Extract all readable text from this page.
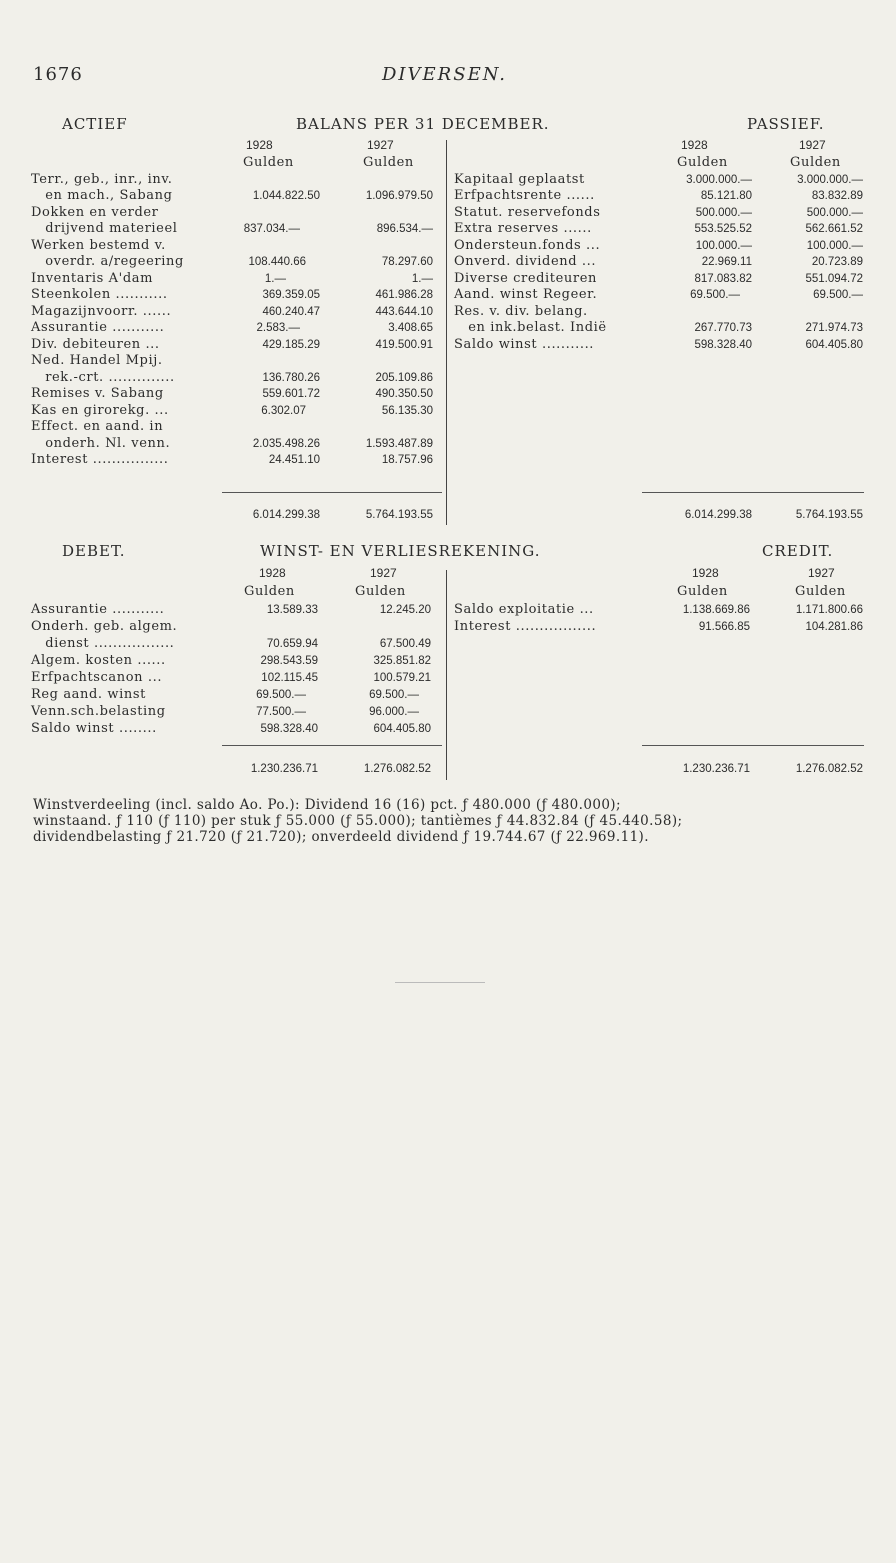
1676	DIVERSEN.
ACTIEF	BALANS PER 31 DECEMBER.	PASSIEF.
1928	1927
Gulden	Gulden
1928	1927
Gulden	Gulden
Terr., geb., inr., inv.
en mach., Sabang	1.044.822.50	1.096.979.50
Dokken en verder
drijvend materieel	837.034.—	896.534.—
Werken bestemd v.
overdr. a/regeering	108.440.66	78.297.60
Inventaris A'dam	1.—	1.—
Steenkolen ...........	369.359.05	461.986.28
Magazijnvoorr. ......	460.240.47	443.644.10
Assurantie ...........	2.583.—	3.408.65
Div. debiteuren ...	429.185.29	419.500.91
Ned. Handel Mpij.
rek.-crt. ..............	136.780.26	205.109.86
Remises v. Sabang	559.601.72	490.350.50
Kas en girorekg. ...	6.302.07	56.135.30
Effect. en aand. in
onderh. Nl. venn.	2.035.498.26	1.593.487.89
Interest ................	24.451.10	18.757.96
Kapitaal geplaatst	3.000.000.—	3.000.000.—
Erfpachtsrente ......	85.121.80	83.832.89
Statut. reservefonds	500.000.—	500.000.—
Extra reserves ......	553.525.52	562.661.52
Ondersteun.fonds ...	100.000.—	100.000.—
Onverd. dividend ...	22.969.11	20.723.89
Diverse crediteuren	817.083.82	551.094.72
Aand. winst Regeer.	69.500.—	69.500.—
Res. v. div. belang.
en ink.belast. Indië	267.770.73	271.974.73
Saldo winst ...........	598.328.40	604.405.80
6.014.299.38	5.764.193.55	6.014.299.38	5.764.193.55
DEBET.	WINST- EN VERLIESREKENING.	CREDIT.
1928	1927
Gulden	Gulden
1928	1927
Gulden	Gulden
Assurantie ...........	13.589.33	12.245.20
Onderh. geb. algem.
dienst .................	70.659.94	67.500.49
Algem. kosten ......	298.543.59	325.851.82
Erfpachtscanon ...	102.115.45	100.579.21
Reg aand. winst	69.500.—	69.500.—
Venn.sch.belasting	77.500.—	96.000.—
Saldo winst ........	598.328.40	604.405.80
Saldo exploitatie ...	1.138.669.86	1.171.800.66
Interest .................	91.566.85	104.281.86
1.230.236.71	1.276.082.52	1.230.236.71	1.276.082.52
Winstverdeeling (incl. saldo Ao. Po.): Dividend 16 (16) pct. ƒ 480.000 (ƒ 480.000);
winstaand. ƒ 110 (ƒ 110) per stuk ƒ 55.000 (ƒ 55.000); tantièmes ƒ 44.832.84 (ƒ 45.440.58);
dividendbelasting ƒ 21.720 (ƒ 21.720); onverdeeld dividend ƒ 19.744.67 (ƒ 22.969.11).
